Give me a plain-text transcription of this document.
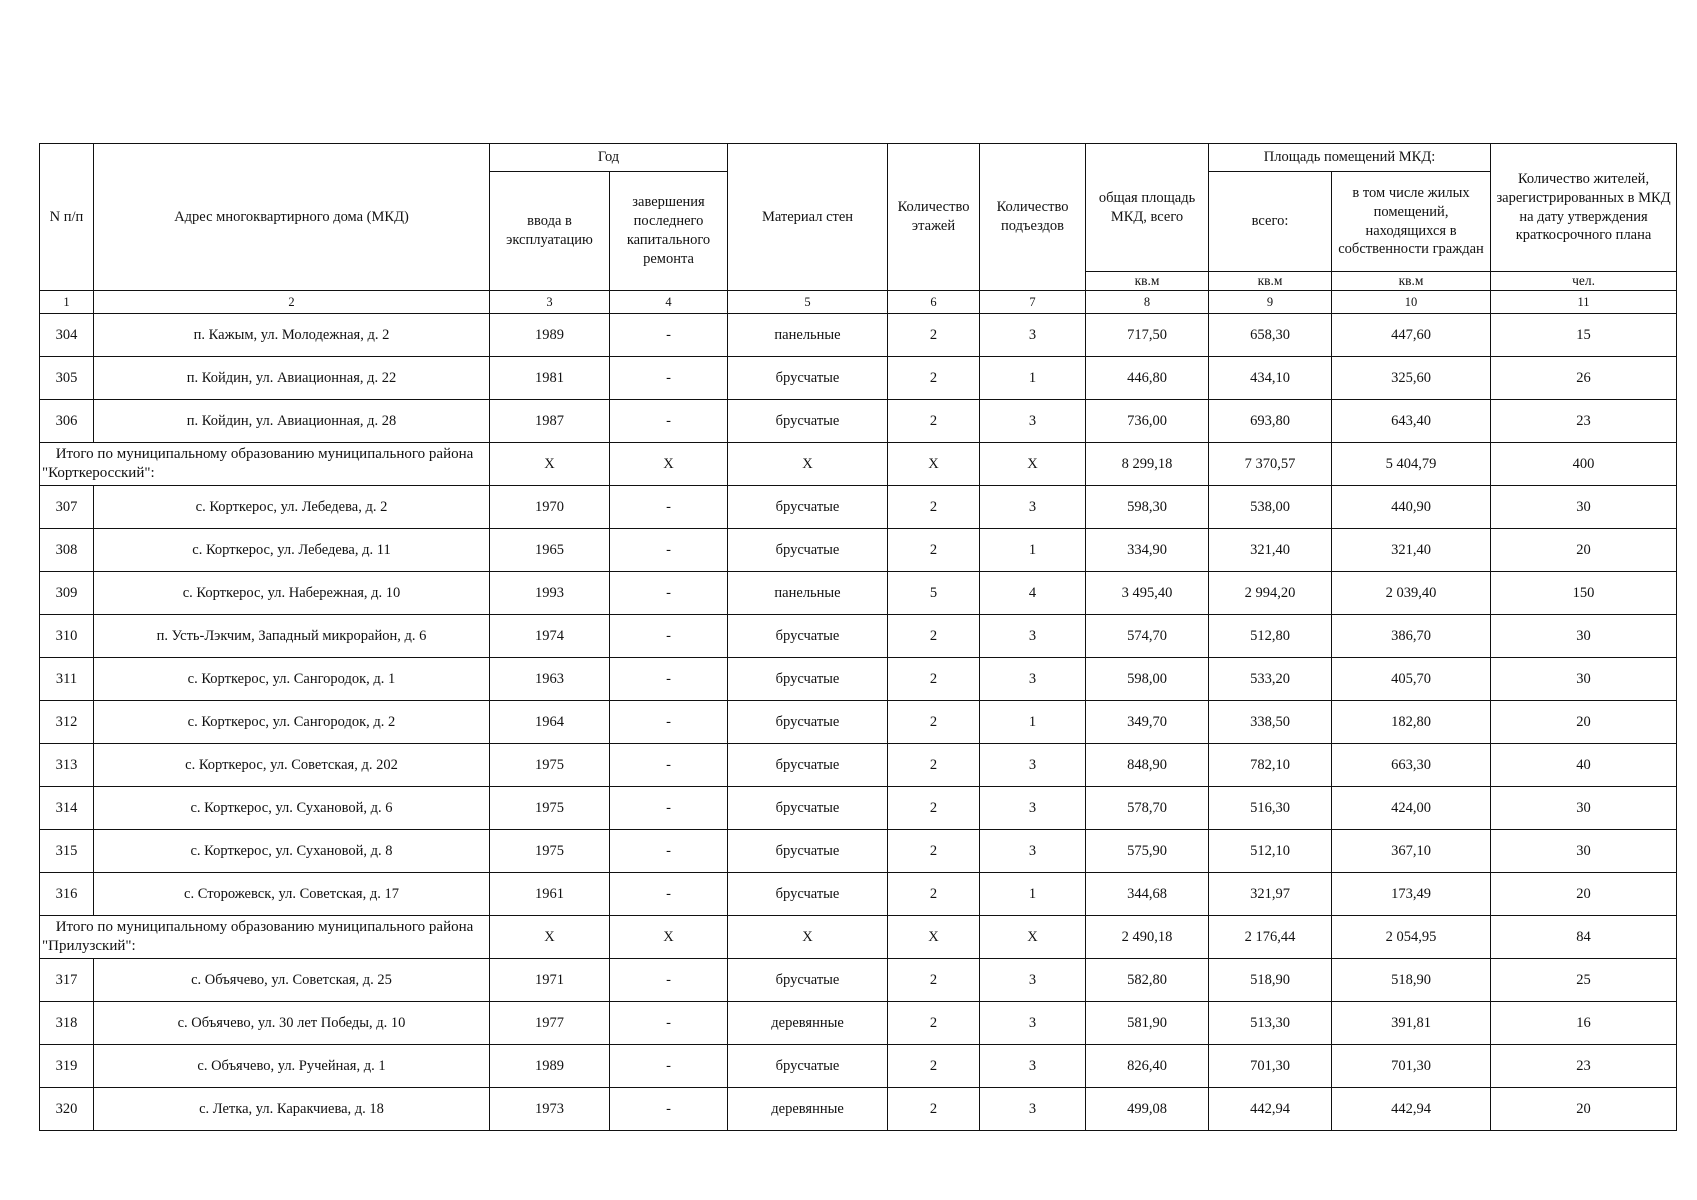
N п/п	Адрес многоквартирного дома (МКД)	Год		Материал стен	Количество этажей	Количество подъездов	общая площадь МКД, всего	Площадь помещений МКД:		Количество жителей, зарегистрированных в МКД на дату утверждения краткосрочного плана
		ввода в эксплуатацию	завершения последнего капитального ремонта					всего:	в том числе жилых помещений, находящихся в собственности граждан	
							кв.м	кв.м	кв.м	чел.
1	2	3	4	5	6	7	8	9	10	11
304	п. Кажым, ул. Молодежная, д. 2	1989	-	панельные	2	3	717,50	658,30	447,60	15
305	п. Койдин, ул. Авиационная, д. 22	1981	-	брусчатые	2	1	446,80	434,10	325,60	26
306	п. Койдин, ул. Авиационная, д. 28	1987	-	брусчатые	2	3	736,00	693,80	643,40	23
Итого по муниципальному образованию муниципального района "Корткеросский":		X	X	X	X	X	8 299,18	7 370,57	5 404,79	400
307	с. Корткерос, ул. Лебедева, д. 2	1970	-	брусчатые	2	3	598,30	538,00	440,90	30
308	с. Корткерос, ул. Лебедева, д. 11	1965	-	брусчатые	2	1	334,90	321,40	321,40	20
309	с. Корткерос, ул. Набережная, д. 10	1993	-	панельные	5	4	3 495,40	2 994,20	2 039,40	150
310	п. Усть-Лэкчим, Западный микрорайон, д. 6	1974	-	брусчатые	2	3	574,70	512,80	386,70	30
311	с. Корткерос, ул. Сангородок, д. 1	1963	-	брусчатые	2	3	598,00	533,20	405,70	30
312	с. Корткерос, ул. Сангородок, д. 2	1964	-	брусчатые	2	1	349,70	338,50	182,80	20
313	с. Корткерос, ул. Советская, д. 202	1975	-	брусчатые	2	3	848,90	782,10	663,30	40
314	с. Корткерос, ул. Сухановой, д. 6	1975	-	брусчатые	2	3	578,70	516,30	424,00	30
315	с. Корткерос, ул. Сухановой, д. 8	1975	-	брусчатые	2	3	575,90	512,10	367,10	30
316	с. Сторожевск, ул. Советская, д. 17	1961	-	брусчатые	2	1	344,68	321,97	173,49	20
Итого по муниципальному образованию муниципального района "Прилузский":		X	X	X	X	X	2 490,18	2 176,44	2 054,95	84
317	с. Объячево, ул. Советская, д. 25	1971	-	брусчатые	2	3	582,80	518,90	518,90	25
318	с. Объячево, ул. 30 лет Победы, д. 10	1977	-	деревянные	2	3	581,90	513,30	391,81	16
319	с. Объячево, ул. Ручейная, д. 1	1989	-	брусчатые	2	3	826,40	701,30	701,30	23
320	с. Летка, ул. Каракчиева, д. 18	1973	-	деревянные	2	3	499,08	442,94	442,94	20
